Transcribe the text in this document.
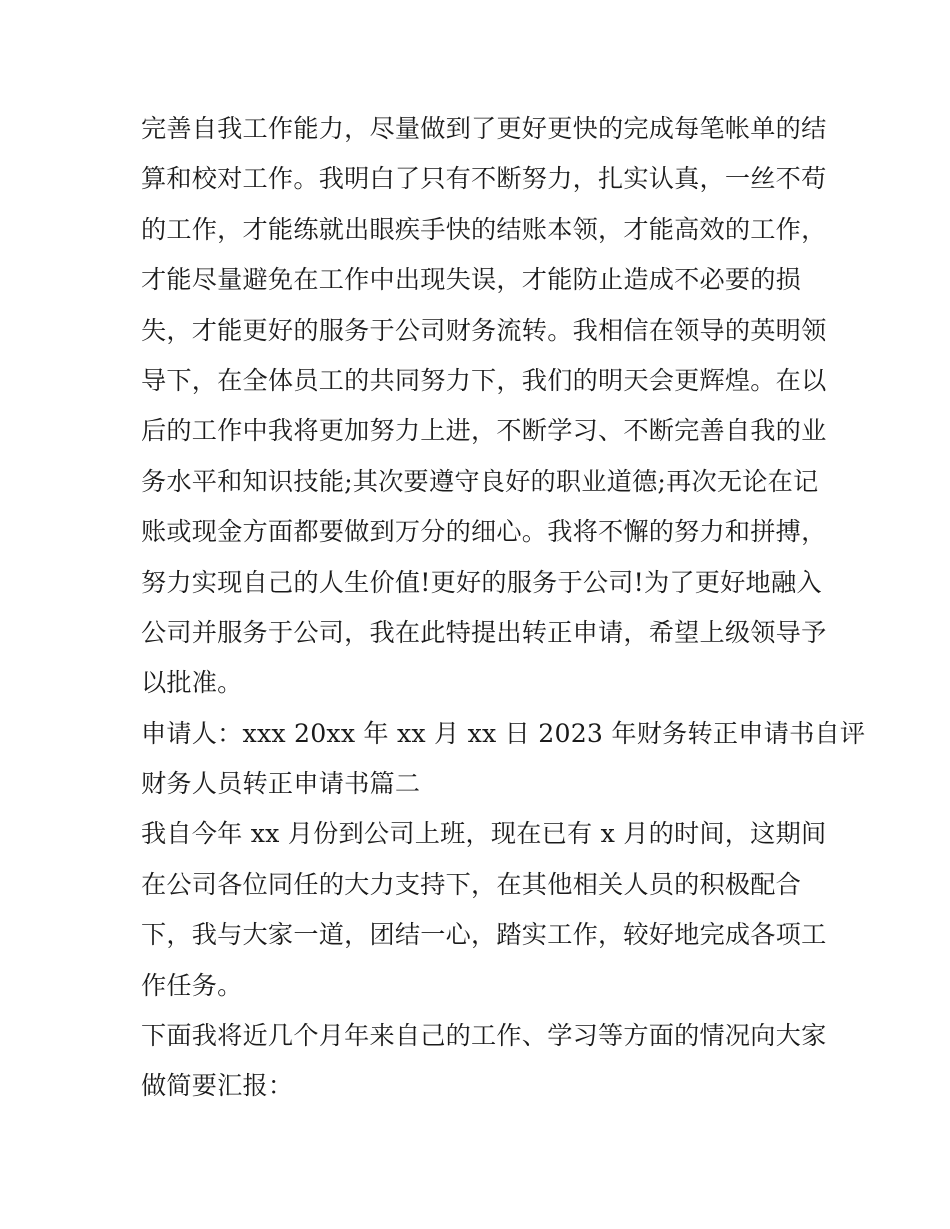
完善自我工作能力，尽量做到了更好更快的完成每笔帐单的结
算和校对工作。我明白了只有不断努力，扎实认真，一丝不苟
的工作，才能练就出眼疾手快的结账本领，才能高效的工作，
才能尽量避免在工作中出现失误，才能防止造成不必要的损
失，才能更好的服务于公司财务流转。我相信在领导的英明领
导下，在全体员工的共同努力下，我们的明天会更辉煌。在以
后的工作中我将更加努力上进，不断学习、不断完善自我的业
务水平和知识技能;其次要遵守良好的职业道德;再次无论在记
账或现金方面都要做到万分的细心。我将不懈的努力和拼搏，
努力实现自己的人生价值!更好的服务于公司!为了更好地融入
公司并服务于公司，我在此特提出转正申请，希望上级领导予
以批准。
申请人：xxx 20xx 年 xx 月 xx 日 2023 年财务转正申请书自评
财务人员转正申请书篇二
我自今年 xx 月份到公司上班，现在已有 x 月的时间，这期间
在公司各位同任的大力支持下，在其他相关人员的积极配合
下，我与大家一道，团结一心，踏实工作，较好地完成各项工
作任务。
下面我将近几个月年来自己的工作、学习等方面的情况向大家
做简要汇报：
